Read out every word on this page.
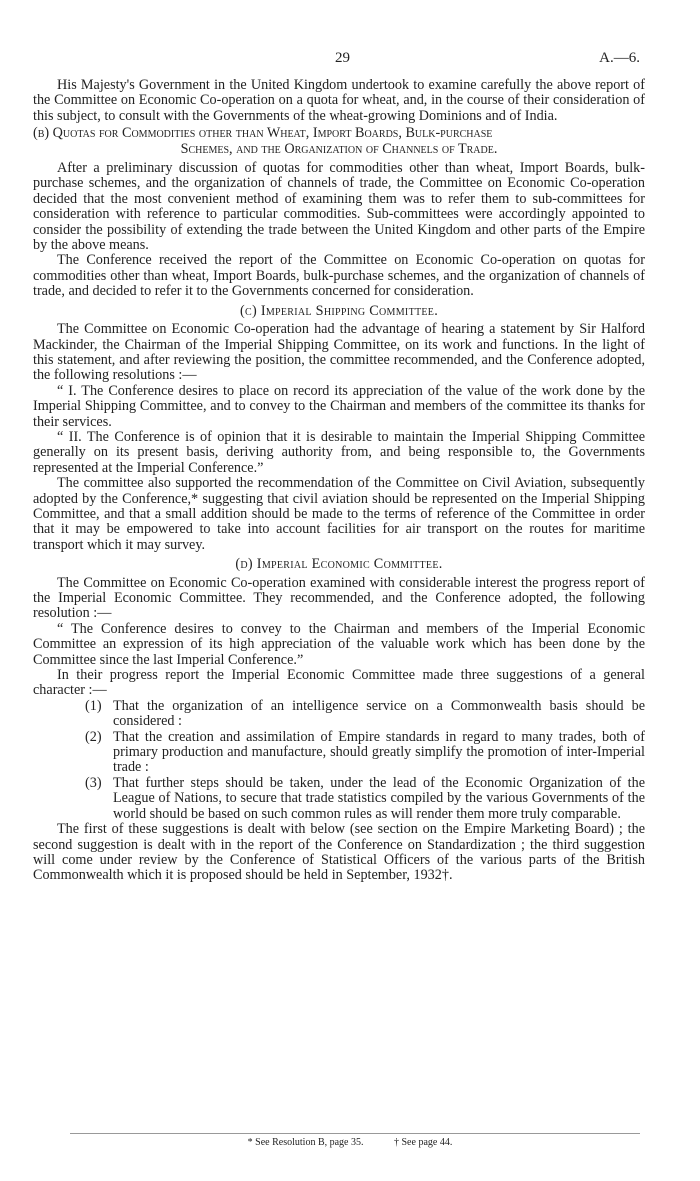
29	A.—6.

His Majesty's Government in the United Kingdom undertook to examine carefully the above report of the Committee on Economic Co-operation on a quota for wheat, and, in the course of their consideration of this subject, to consult with the Governments of the wheat-growing Dominions and of India.

(b) Quotas for Commodities other than Wheat, Import Boards, Bulk-purchase
Schemes, and the Organization of Channels of Trade.

After a preliminary discussion of quotas for commodities other than wheat, Import Boards, bulk-purchase schemes, and the organization of channels of trade, the Committee on Economic Co-operation decided that the most convenient method of examining them was to refer them to sub-committees for consideration with reference to particular commodities. Sub-committees were accordingly appointed to consider the possibility of extending the trade between the United Kingdom and other parts of the Empire by the above means.

The Conference received the report of the Committee on Economic Co-operation on quotas for commodities other than wheat, Import Boards, bulk-purchase schemes, and the organization of channels of trade, and decided to refer it to the Governments concerned for consideration.

(c) Imperial Shipping Committee.

The Committee on Economic Co-operation had the advantage of hearing a statement by Sir Halford Mackinder, the Chairman of the Imperial Shipping Committee, on its work and functions. In the light of this statement, and after reviewing the position, the committee recommended, and the Conference adopted, the following resolutions :—

“ I. The Conference desires to place on record its appreciation of the value of the work done by the Imperial Shipping Committee, and to convey to the Chairman and members of the committee its thanks for their services.

“ II. The Conference is of opinion that it is desirable to maintain the Imperial Shipping Committee generally on its present basis, deriving authority from, and being responsible to, the Governments represented at the Imperial Conference.”

The committee also supported the recommendation of the Committee on Civil Aviation, subsequently adopted by the Conference,* suggesting that civil aviation should be represented on the Imperial Shipping Committee, and that a small addition should be made to the terms of reference of the Committee in order that it may be empowered to take into account facilities for air transport on the routes for maritime transport which it may survey.

(d) Imperial Economic Committee.

The Committee on Economic Co-operation examined with considerable interest the progress report of the Imperial Economic Committee. They recommended, and the Conference adopted, the following resolution :—

“ The Conference desires to convey to the Chairman and members of the Imperial Economic Committee an expression of its high appreciation of the valuable work which has been done by the Committee since the last Imperial Conference.”

In their progress report the Imperial Economic Committee made three suggestions of a general character :—

(1) That the organization of an intelligence service on a Commonwealth basis should be considered :
(2) That the creation and assimilation of Empire standards in regard to many trades, both of primary production and manufacture, should greatly simplify the promotion of inter-Imperial trade :
(3) That further steps should be taken, under the lead of the Economic Organization of the League of Nations, to secure that trade statistics compiled by the various Governments of the world should be based on such common rules as will render them more truly comparable.

The first of these suggestions is dealt with below (see section on the Empire Marketing Board) ; the second suggestion is dealt with in the report of the Conference on Standardization ; the third suggestion will come under review by the Conference of Statistical Officers of the various parts of the British Commonwealth which it is proposed should be held in September, 1932†.

* See Resolution B, page 35.	† See page 44.
